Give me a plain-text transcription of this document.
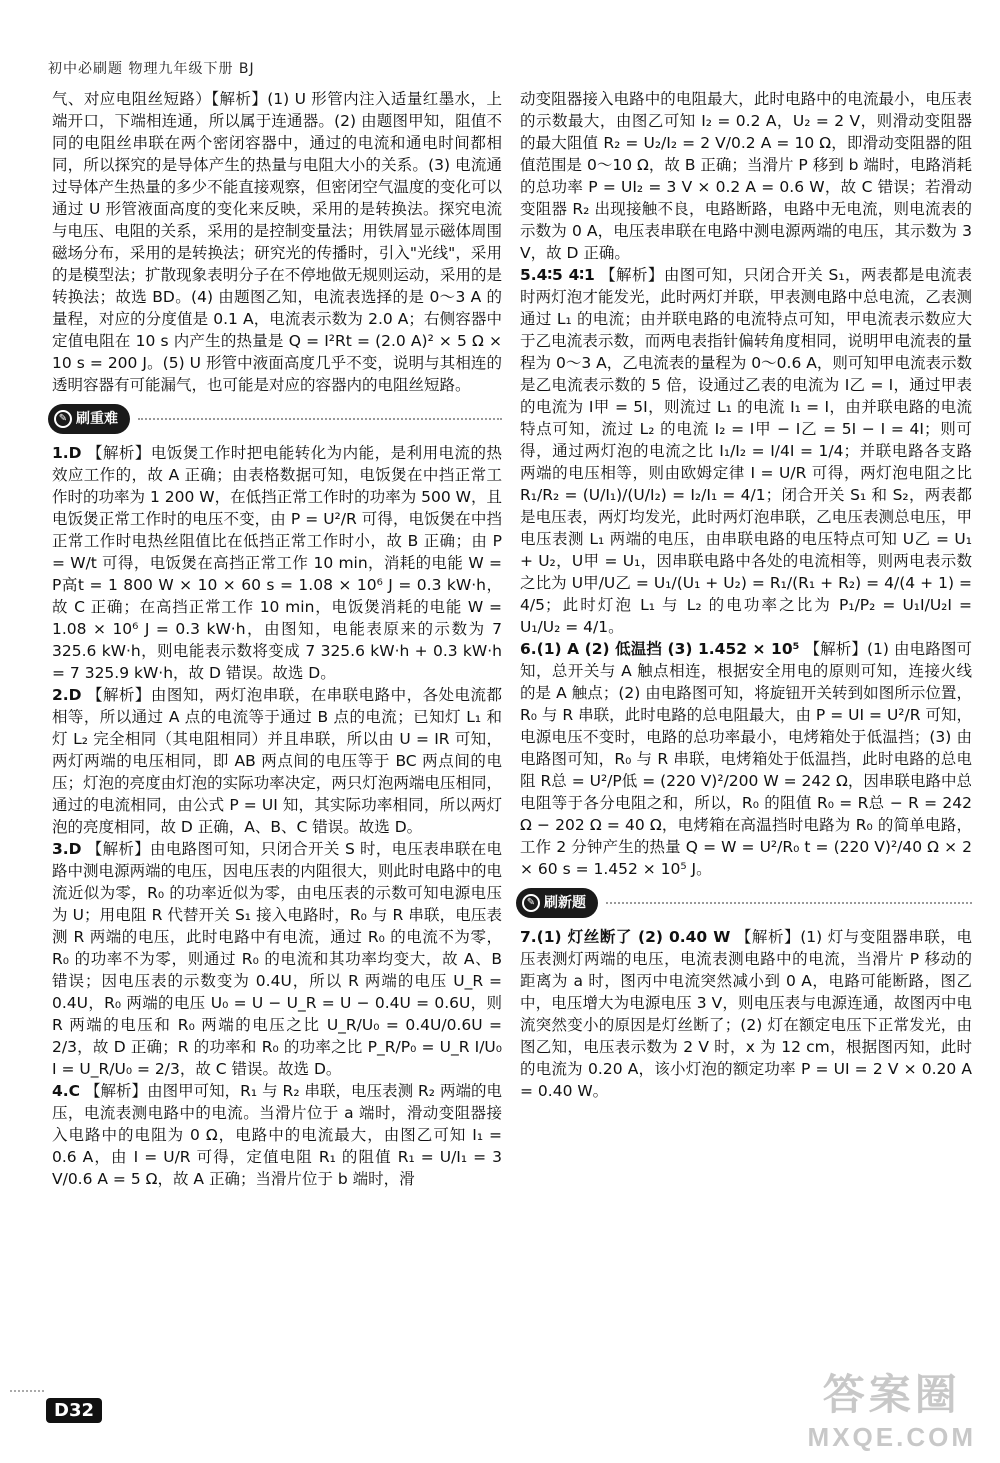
初中必刷题 物理九年级下册 BJ

气、对应电阻丝短路）【解析】(1) U 形管内注入适量红墨水，上端开口，下端相连通，所以属于连通器。(2) 由题图甲知，阻值不同的电阻丝串联在两个密闭容器中，通过的电流和通电时间都相同，所以探究的是导体产生的热量与电阻大小的关系。(3) 电流通过导体产生热量的多少不能直接观察，但密闭空气温度的变化可以通过 U 形管液面高度的变化来反映，采用的是转换法。探究电流与电压、电阻的关系，采用的是控制变量法；用铁屑显示磁体周围磁场分布，采用的是转换法；研究光的传播时，引入"光线"，采用的是模型法；扩散现象表明分子在不停地做无规则运动，采用的是转换法；故选 BD。(4) 由题图乙知，电流表选择的是 0～3 A 的量程，对应的分度值是 0.1 A，电流表示数为 2.0 A；右侧容器中定值电阻在 10 s 内产生的热量是 Q = I²Rt = (2.0 A)² × 5 Ω × 10 s = 200 J。(5) U 形管中液面高度几乎不变，说明与其相连的透明容器有可能漏气，也可能是对应的容器内的电阻丝短路。

✎ 刷重难

1.D 【解析】电饭煲工作时把电能转化为内能，是利用电流的热效应工作的，故 A 正确；由表格数据可知，电饭煲在中挡正常工作时的功率为 1 200 W，在低挡正常工作时的功率为 500 W，且电饭煲正常工作时的电压不变，由 P = U²/R 可得，电饭煲在中挡正常工作时电热丝阻值比在低挡正常工作时小，故 B 正确；由 P = W/t 可得，电饭煲在高挡正常工作 10 min，消耗的电能 W = P高t = 1 800 W × 10 × 60 s = 1.08 × 10⁶ J = 0.3 kW·h，故 C 正确；在高挡正常工作 10 min，电饭煲消耗的电能 W = 1.08 × 10⁶ J = 0.3 kW·h，由图知，电能表原来的示数为 7 325.6 kW·h，则电能表示数将变成 7 325.6 kW·h + 0.3 kW·h = 7 325.9 kW·h，故 D 错误。故选 D。

2.D 【解析】由图知，两灯泡串联，在串联电路中，各处电流都相等，所以通过 A 点的电流等于通过 B 点的电流；已知灯 L₁ 和灯 L₂ 完全相同（其电阻相同）并且串联，所以由 U = IR 可知，两灯两端的电压相同，即 AB 两点间的电压等于 BC 两点间的电压；灯泡的亮度由灯泡的实际功率决定，两只灯泡两端电压相同，通过的电流相同，由公式 P = UI 知，其实际功率相同，所以两灯泡的亮度相同，故 D 正确，A、B、C 错误。故选 D。

3.D 【解析】由电路图可知，只闭合开关 S 时，电压表串联在电路中测电源两端的电压，因电压表的内阻很大，则此时电路中的电流近似为零，R₀ 的功率近似为零，由电压表的示数可知电源电压为 U；用电阻 R 代替开关 S₁ 接入电路时，R₀ 与 R 串联，电压表测 R 两端的电压，此时电路中有电流，通过 R₀ 的电流不为零，R₀ 的功率不为零，则通过 R₀ 的电流和其功率均变大，故 A、B 错误；因电压表的示数变为 0.4U，所以 R 两端的电压 U_R = 0.4U，R₀ 两端的电压 U₀ = U − U_R = U − 0.4U = 0.6U，则 R 两端的电压和 R₀ 两端的电压之比 U_R/U₀ = 0.4U/0.6U = 2/3，故 D 正确；R 的功率和 R₀ 的功率之比 P_R/P₀ = U_R I/U₀ I = U_R/U₀ = 2/3，故 C 错误。故选 D。

4.C 【解析】由图甲可知，R₁ 与 R₂ 串联，电压表测 R₂ 两端的电压，电流表测电路中的电流。当滑片位于 a 端时，滑动变阻器接入电路中的电阻为 0 Ω，电路中的电流最大，由图乙可知 I₁ = 0.6 A，由 I = U/R 可得，定值电阻 R₁ 的阻值 R₁ = U/I₁ = 3 V/0.6 A = 5 Ω，故 A 正确；当滑片位于 b 端时，滑

动变阻器接入电路中的电阻最大，此时电路中的电流最小，电压表的示数最大，由图乙可知 I₂ = 0.2 A，U₂ = 2 V，则滑动变阻器的最大阻值 R₂ = U₂/I₂ = 2 V/0.2 A = 10 Ω，即滑动变阻器的阻值范围是 0～10 Ω，故 B 正确；当滑片 P 移到 b 端时，电路消耗的总功率 P = UI₂ = 3 V × 0.2 A = 0.6 W，故 C 错误；若滑动变阻器 R₂ 出现接触不良，电路断路，电路中无电流，则电流表的示数为 0 A，电压表串联在电路中测电源两端的电压，其示数为 3 V，故 D 正确。

5.4∶5 4∶1 【解析】由图可知，只闭合开关 S₁，两表都是电流表时两灯泡才能发光，此时两灯并联，甲表测电路中总电流，乙表测通过 L₁ 的电流；由并联电路的电流特点可知，甲电流表示数应大于乙电流表示数，而两电表指针偏转角度相同，说明甲电流表的量程为 0～3 A，乙电流表的量程为 0～0.6 A，则可知甲电流表示数是乙电流表示数的 5 倍，设通过乙表的电流为 I乙 = I，通过甲表的电流为 I甲 = 5I，则流过 L₁ 的电流 I₁ = I，由并联电路的电流特点可知，流过 L₂ 的电流 I₂ = I甲 − I乙 = 5I − I = 4I；则可得，通过两灯泡的电流之比 I₁/I₂ = I/4I = 1/4；并联电路各支路两端的电压相等，则由欧姆定律 I = U/R 可得，两灯泡电阻之比 R₁/R₂ = (U/I₁)/(U/I₂) = I₂/I₁ = 4/1；闭合开关 S₁ 和 S₂，两表都是电压表，两灯均发光，此时两灯泡串联，乙电压表测总电压，甲电压表测 L₁ 两端的电压，由串联电路的电压特点可知 U乙 = U₁ + U₂，U甲 = U₁，因串联电路中各处的电流相等，则两电表示数之比为 U甲/U乙 = U₁/(U₁ + U₂) = R₁/(R₁ + R₂) = 4/(4 + 1) = 4/5；此时灯泡 L₁ 与 L₂ 的电功率之比为 P₁/P₂ = U₁I/U₂I = U₁/U₂ = 4/1。

6.(1) A (2) 低温挡 (3) 1.452 × 10⁵ 【解析】(1) 由电路图可知，总开关与 A 触点相连，根据安全用电的原则可知，连接火线的是 A 触点；(2) 由电路图可知，将旋钮开关转到如图所示位置，R₀ 与 R 串联，此时电路的总电阻最大，由 P = UI = U²/R 可知，电源电压不变时，电路的总功率最小，电烤箱处于低温挡；(3) 由电路图可知，R₀ 与 R 串联，电烤箱处于低温挡，此时电路的总电阻 R总 = U²/P低 = (220 V)²/200 W = 242 Ω，因串联电路中总电阻等于各分电阻之和，所以，R₀ 的阻值 R₀ = R总 − R = 242 Ω − 202 Ω = 40 Ω，电烤箱在高温挡时电路为 R₀ 的简单电路，工作 2 分钟产生的热量 Q = W = U²/R₀ t = (220 V)²/40 Ω × 2 × 60 s = 1.452 × 10⁵ J。

✎ 刷新题

7.(1) 灯丝断了 (2) 0.40 W 【解析】(1) 灯与变阻器串联，电压表测灯两端的电压，电流表测电路中的电流，当滑片 P 移动的距离为 a 时，图丙中电流突然减小到 0 A，电路可能断路，图乙中，电压增大为电源电压 3 V，则电压表与电源连通，故图丙中电流突然变小的原因是灯丝断了；(2) 灯在额定电压下正常发光，由图乙知，电压表示数为 2 V 时，x 为 12 cm，根据图丙知，此时的电流为 0.20 A，该小灯泡的额定功率 P = UI = 2 V × 0.20 A = 0.40 W。

D32	答案圈
MXQE.COM
